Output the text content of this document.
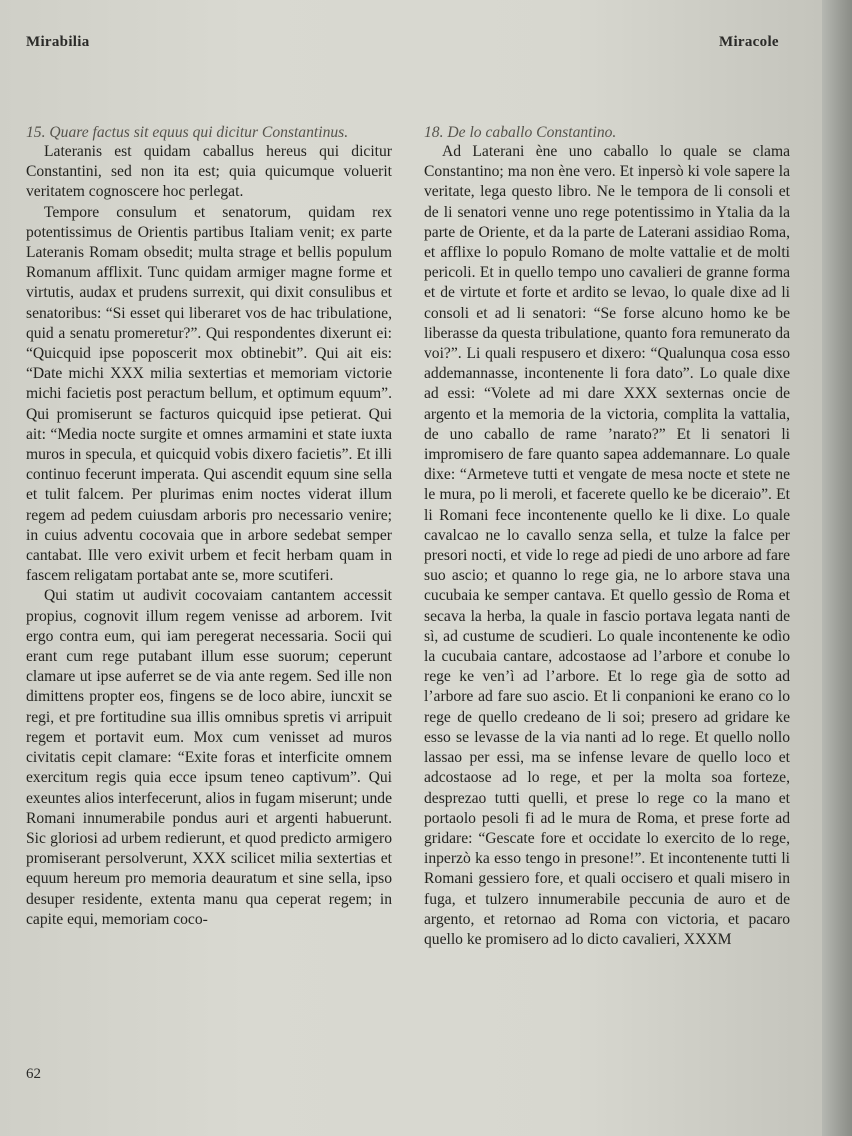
Mirabilia	Miracole
15. Quare factus sit equus qui dicitur Constantinus.

Lateranis est quidam caballus hereus qui dicitur Constantini, sed non ita est; quia quicumque voluerit veritatem cognoscere hoc perlegat.

Tempore consulum et senatorum, quidam rex potentissimus de Orientis partibus Italiam venit; ex parte Lateranis Romam obsedit; multa strage et bellis populum Romanum afflixit. Tunc quidam armiger magne forme et virtutis, audax et prudens surrexit, qui dixit consulibus et senatoribus: “Si esset qui liberaret vos de hac tribulatione, quid a senatu promeretur?”. Qui respondentes dixerunt ei: “Quicquid ipse poposcerit mox obtinebit”. Qui ait eis: “Date michi XXX milia sextertias et memoriam victorie michi facietis post peractum bellum, et optimum equum”. Qui promiserunt se facturos quicquid ipse petierat. Qui ait: “Media nocte surgite et omnes armamini et state iuxta muros in specula, et quicquid vobis dixero facietis”. Et illi continuo fecerunt imperata. Qui ascendit equum sine sella et tulit falcem. Per plurimas enim noctes viderat illum regem ad pedem cuiusdam arboris pro necessario venire; in cuius adventu cocovaia que in arbore sedebat semper cantabat. Ille vero exivit urbem et fecit herbam quam in fascem religatam portabat ante se, more scutiferi.

Qui statim ut audivit cocovaiam cantantem accessit propius, cognovit illum regem venisse ad arborem. Ivit ergo contra eum, qui iam peregerat necessaria. Socii qui erant cum rege putabant illum esse suorum; ceperunt clamare ut ipse auferret se de via ante regem. Sed ille non dimittens propter eos, fingens se de loco abire, iuncxit se regi, et pre fortitudine sua illis omnibus spretis vi arripuit regem et portavit eum. Mox cum venisset ad muros civitatis cepit clamare: “Exite foras et interficite omnem exercitum regis quia ecce ipsum teneo captivum”. Qui exeuntes alios interfecerunt, alios in fugam miserunt; unde Romani innumerabile pondus auri et argenti habuerunt. Sic gloriosi ad urbem redierunt, et quod predicto armigero promiserant persolverunt, XXX scilicet milia sextertias et equum hereum pro memoria deauratum et sine sella, ipso desuper residente, extenta manu qua ceperat regem; in capite equi, memoriam coco-

18. De lo caballo Constantino.

Ad Laterani ène uno caballo lo quale se clama Constantino; ma non ène vero. Et inpersò ki vole sapere la veritate, lega questo libro. Ne le tempora de li consoli et de li senatori venne uno rege potentissimo in Ytalia da la parte de Oriente, et da la parte de Laterani assidiao Roma, et afflixe lo populo Romano de molte vattalie et de molti pericoli. Et in quello tempo uno cavalieri de granne forma et de virtute et forte et ardito se levao, lo quale dixe ad li consoli et ad li senatori: “Se forse alcuno homo ke be liberasse da questa tribulatione, quanto fora remunerato da voi?”. Li quali respusero et dixero: “Qualunqua cosa esso addemannasse, incontenente li fora dato”. Lo quale dixe ad essi: “Volete ad mi dare XXX sexternas oncie de argento et la memoria de la victoria, complita la vattalia, de uno caballo de rame ’narato?” Et li senatori li impromisero de fare quanto sapea addemannare. Lo quale dixe: “Armeteve tutti et vengate de mesa nocte et stete ne le mura, po li meroli, et facerete quello ke be diceraio”. Et li Romani fece incontenente quello ke li dixe. Lo quale cavalcao ne lo cavallo senza sella, et tulze la falce per presori nocti, et vide lo rege ad piedi de uno arbore ad fare suo ascio; et quanno lo rege gia, ne lo arbore stava una cucubaia ke semper cantava. Et quello gessìo de Roma et secava la herba, la quale in fascio portava legata nanti de sì, ad custume de scudieri. Lo quale incontenente ke odìo la cucubaia cantare, adcostaose ad l’arbore et conube lo rege ke ven’ì ad l’arbore. Et lo rege gìa de sotto ad l’arbore ad fare suo ascio. Et li conpanioni ke erano co lo rege de quello credeano de li soi; presero ad gridare ke esso se levasse de la via nanti ad lo rege. Et quello nollo lassao per essi, ma se infense levare de quello loco et adcostaose ad lo rege, et per la molta soa forteze, desprezao tutti quelli, et prese lo rege co la mano et portaolo pesoli fi ad le mura de Roma, et prese forte ad gridare: “Gescate fore et occidate lo exercito de lo rege, inperzò ka esso tengo in presone!”. Et incontenente tutti li Romani gessiero fore, et quali occisero et quali misero in fuga, et tulzero innumerabile peccunia de auro et de argento, et retornao ad Roma con victoria, et pacaro quello ke promisero ad lo dicto cavalieri, XXXM

62
